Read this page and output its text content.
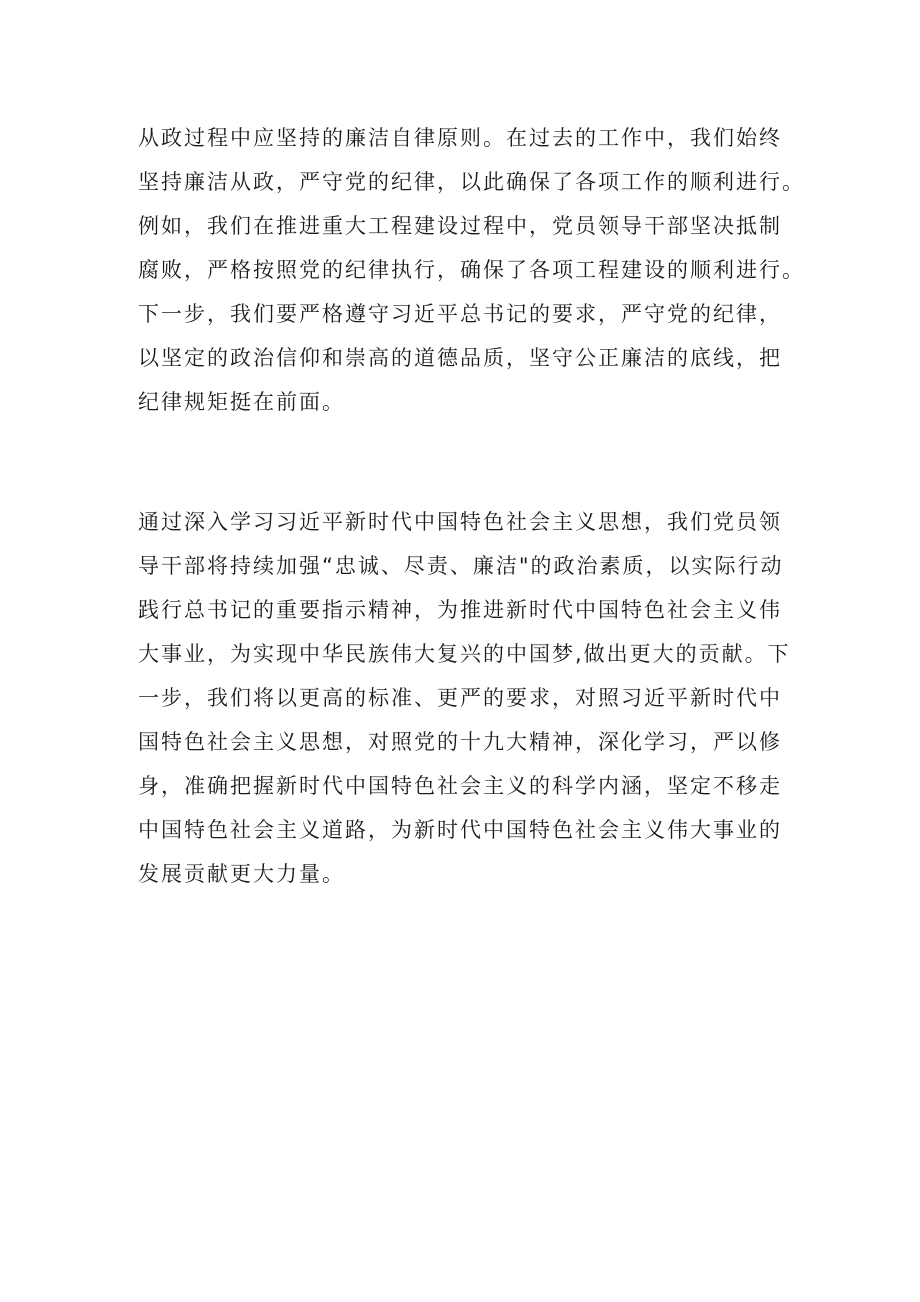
从政过程中应坚持的廉洁自律原则。在过去的工作中，我们始终
坚持廉洁从政，严守党的纪律，以此确保了各项工作的顺利进行。
例如，我们在推进重大工程建设过程中，党员领导干部坚决抵制
腐败，严格按照党的纪律执行，确保了各项工程建设的顺利进行。
下一步，我们要严格遵守习近平总书记的要求，严守党的纪律，
以坚定的政治信仰和崇高的道德品质，坚守公正廉洁的底线，把
纪律规矩挺在前面。
通过深入学习习近平新时代中国特色社会主义思想，我们党员领
导干部将持续加强“忠诚、尽责、廉洁"的政治素质，以实际行动
践行总书记的重要指示精神，为推进新时代中国特色社会主义伟
大事业，为实现中华民族伟大复兴的中国梦,做出更大的贡献。下
一步，我们将以更高的标准、更严的要求，对照习近平新时代中
国特色社会主义思想，对照党的十九大精神，深化学习，严以修
身，准确把握新时代中国特色社会主义的科学内涵，坚定不移走
中国特色社会主义道路，为新时代中国特色社会主义伟大事业的
发展贡献更大力量。
